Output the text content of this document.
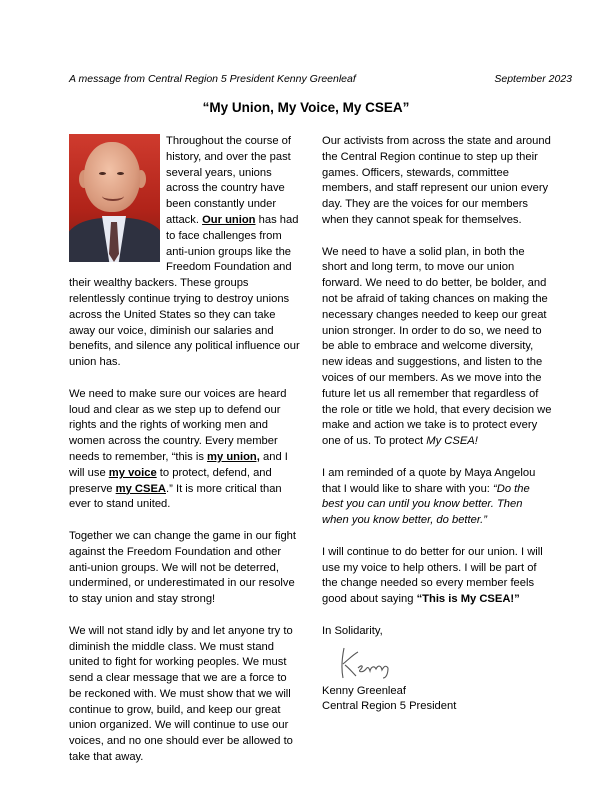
A message from Central Region 5 President Kenny Greenleaf	September 2023
“My Union, My Voice, My CSEA”

Throughout the course of history, and over the past several years, unions across the country have been constantly under attack. Our union has had to face challenges from anti-union groups like the Freedom Foundation and their wealthy backers. These groups relentlessly continue trying to destroy unions across the United States so they can take away our voice, diminish our salaries and benefits, and silence any political influence our union has.

We need to make sure our voices are heard loud and clear as we step up to defend our rights and the rights of working men and women across the country. Every member needs to remember, “this is my union, and I will use my voice to protect, defend, and preserve my CSEA.” It is more critical than ever to stand united.

Together we can change the game in our fight against the Freedom Foundation and other anti-union groups. We will not be deterred, undermined, or underestimated in our resolve to stay union and stay strong!

We will not stand idly by and let anyone try to diminish the middle class. We must stand united to fight for working peoples. We must send a clear message that we are a force to be reckoned with. We must show that we will continue to grow, build, and keep our great union organized. We will continue to use our voices, and no one should ever be allowed to take that away.

Our activists from across the state and around the Central Region continue to step up their games. Officers, stewards, committee members, and staff represent our union every day. They are the voices for our members when they cannot speak for themselves.

We need to have a solid plan, in both the short and long term, to move our union forward. We need to do better, be bolder, and not be afraid of taking chances on making the necessary changes needed to keep our great union stronger. In order to do so, we need to be able to embrace and welcome diversity, new ideas and suggestions, and listen to the voices of our members. As we move into the future let us all remember that regardless of the role or title we hold, that every decision we make and action we take is to protect every one of us. To protect My CSEA!

I am reminded of a quote by Maya Angelou that I would like to share with you: “Do the best you can until you know better. Then when you know better, do better.”

I will continue to do better for our union. I will use my voice to help others. I will be part of the change needed so every member feels good about saying “This is My CSEA!”

In Solidarity,

Kenny Greenleaf
Central Region 5 President
